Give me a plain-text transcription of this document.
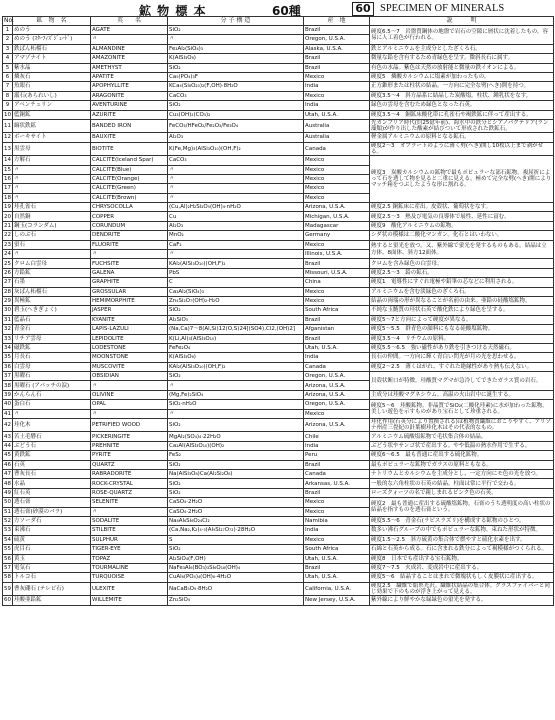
鉱 物 標 本	60種	60 SPECIMEN OF MINERALS
No.	鉱　物　名	英　　名	分 子 構 造	産　地	説　　　明
1	めのう	AGATE	SiO₂	Brazil	硬度6.5〜7　岩盤質鋼体の地盤で岩石の空隙に層状に沈着したもの。容易に人工着色が行われる。
2	めのう (ｽﾀｰﾌｨｽﾞｼﾞｪｰﾄﾞ)	〃	〃	Oregon, U.S.A.	
3	鉄ばん柘榴石	ALMANDINE	Fe₃Al₂(SiO₄)₃	Alaska, U.S.A.	鉄とアルミニウムを主成分としたざくろ石。
4	アマゾナイト	AMAZONITE	K(AlSi₃O₈)	Brazil	微量な鉛を含有するため青緑色を呈す。微斜長石に属す。
5	紫水晶	AMETHYST	SiO₂	Brazil	有色の水晶。紫色は天然の放射能と微量の鉄イオンによる。
6	燐灰石	APATITE	Ca₅(PO₄)₃F	Mexico	硬度5　燐酸カルシウムに塩素が加わったもの。
7	魚眼石	APOPHYLLITE	KCa₄(Si₈O₂₀)₂(F,OH)·8H₂O	India	正方錐形または柱状の結晶。一方向に完全な劈(へき)開を持つ。
8	霰石(あられいし)	ARAGONITE	CaCO₃	Mexico	硬度3.5〜4　斜方晶系に結晶した炭酸塩。柱状、鍾乳状をなす。
9	アベンチュリン	AVENTURINE	SiO₂	India	緑色の雲母を含むため緑色となった石英。
10	藍銅鉱	AZURITE	Cu₃(OH)₂(CO₃)₂	Utah, U.S.A.	硬度3.5〜4　銅鉱床酸化帯に孔雀石や褐鉄鉱に伴って産出する。
11	縞状鉄鉱	BANDED IRON	FeCO₃/HFeO₂/Fe₂O₃/Fe₃O₄	Australia	先カンブリア時代(約25億年前)、海水中の鉄分とシアノバクテリア(ラン藻類)が作り出した酸素が結びついて形成された鉄鉱石。
12	ボーキサイト	BAUXITE	Al₂O₃	Australia	軽金属アルミニウムの原料となる鉱石。
13	黒雲母	BIOTITE	K(Fe,Mg)₃(AlSi₃O₁₀)(OH,F)₂	Canada	硬度2〜3　オブラートのように薄く劈(へき)開し10枚以上まで剥がせる。
14	方解石	CALCITE(Iceland Spar)	CaCO₃	Mexico	硬度3　炭酸カルシウムの鉱物で最もポピュラーな部石鉱物。複屈折によって石を透して物を見ると二重に見える。極めて完全な劈(へき)開によりマッチ箱をつぶしたような形に割れる。
15	〃	CALCITE(Blue)	〃	Mexico	
16	〃	CALCITE(Orange)	〃	Mexico	
17	〃	CALCITE(Green)	〃	Mexico	
18	〃	CALCITE(Brown)	〃	Mexico	
19	珪孔雀石	CHRYSOCOLLA	(Cu,Al)₂H₂Si₂O₅(OH)₄·nH₂O	Arizona, U.S.A.	硬度2.5 銅鉱床に産出。皮殻状、葡萄状をなす。
20	自然銅	COPPER	Cu	Michigan, U.S.A.	硬度2.5〜3　熱及び電気の良導体で展性、延性に富む。
21	鋼玉(コランダム)	CORUNDUM	Al₂O₃	Madagascar	硬度9　酸化アルミニウムの鉱物。
22	しのぶ石	DENDRITE	MnO₂	Germany	シダ状の模様は二酸化マンガン。化石とはいわない。
23	蛍石	FLUORITE	CaF₂	Mexico	熱すると蛍光を放つ。又、紫外線で蛍光を発するものもある。結晶は立方体、8面体、斜方12面体。
24	〃	〃	〃	Illinois, U.S.A.	
25	クロム白雲母	FUCHSITE	KAl₂(AlSi₃O₁₀)(OH,F)₂	Brazil	クロムを含み緑色の白雲母。
26	方鉛鉱	GALENA	PbS	Missouri, U.S.A.	硬度2.5〜3　鉛の鉱石。
27	石墨	GRAPHITE	C	China	硬度1　電導性にすぐれ電極や鉛筆の芯などに利用される。
28	灰ばん柘榴石	GROSSULAR	Ca₃Al₂(SiO₄)₃	Mexico	アルミニウムを含む淡緑色のざくろ石。
29	異極鉱	HEMIMORPHITE	Zn₄Si₂O₇(OH)₂·H₂O	Mexico	結晶の両端の形が異なることが名前の由来。亜鉛の硅酸塩鉱物。
30	碧玉(へきぎょく)	JASPER	SiO₂	South Africa	不純な玉髄質の珪状石英で酸化鉄により緑色を呈する。
31	藍晶石	KYANITE	Al₂SiO₅	Brazil	硬度5〜7と方向によって硬度が異なる。
32	青金石	LAPIS-LAZULI	(Na,Ca)7〜8(Al,Si)12(O,S)24[(SO4),Cl2,(OH)2]	Afganistan	硬度5〜5.5　群青色の顔料にもなる硅酸塩鉱物。
33	リチア雲母	LEPIDOLITE	K(Li,Al)₃(AlSi₃O₁₀)	Brazil	硬度3.5〜4　リチウムの原料。
34	磁鉄鉱	LODESTONE	FeFe₂O₄	Utah, U.S.A.	硬度5.5〜6.5　強い磁性があり鉄を引きつける天然磁石。
35	月長石	MOONSTONE	K(AlSi₃O₈)	India	長石の仲間。一方向に輝く青白い閃光が月の光を思わせる。
36	白雲母	MUSCOVITE	KAl₂(AlSi₃O₁₀)(OH,F)₂	Canada	硬度2〜2.5　薄くはがれ、すぐれた絶縁性があり熱も伝えない。
37	黒曜石	OBSIDIAN	SiO₂	Oregon, U.S.A.	貝殻状断口が特徴。珪酸質マグマが急冷してできたガラス質の岩石。
38	黒曜石 (アパッチの涙)	〃	〃	Arizona, U.S.A.	
39	かんらん石	OLIVINE	(Mg,Fe)₂SiO₄	Arizona, U.S.A.	主成分は珪酸マグネシウム。高温の火山岩中に誕生する。
40	蛋白石	OPAL	SiO₂·nH₂O	Oregon, U.S.A.	硬度5〜6　珪酸鉱物。非晶質でSiO₂(二酸化珪素)に水が加わった鉱物。美しい遊色を示すものがあり宝石として珍重される。
41	〃	〃	〃	Mexico	
42	珪化木	PETRIFIED WOOD	SiO₂	Arizona, U.S.A.	珪化作用(石英分により置換される)は植物質繊維におこりやすく、アリゾナ州産三畳紀の針葉樹珪化木はその代表的なもの。
43	苦土毛礬石	PICKERINGITE	MgAl₂(SO₄)₄·22H₂O	Chile	アルミニウム硫酸塩鉱物で毛状集合体の結晶。
44	ぶどう石	PREHNITE	Ca₂Al(AlSi₃O₁₀)(OH)₂	India	ぶどう状やサンゴ状で産出する。やや低温の熱水作用で生ずる。
45	黄鉄鉱	PYRITE	FeS₂	Peru	硬度6〜6.5　最も普通に産出する硫化鉱物。
46	石英	QUARTZ	SiO₂	Brazil	最もポピュラーな鉱物でガラスの原料ともなる。
47	曹灰長石	RABRADORITE	Na(AlSi₃O₈)Ca(Al₂Si₂O₈)	Canada	ナトリウムとカルシウムを主成分とし、一定方向にモ色の光を放つ。
48	水晶	ROCK-CRYSTAL	SiO₂	Arkansas, U.S.A.	一般的な六角柱状の石英の結晶。柱面は常に平行で交わる。
49	紅石英	ROSE-QUARTZ	SiO₂	Brazil	ローズクォーツの名で親しまれるピンク色の石英。
50	透石膏	SELENITE	CaSO₄·2H₂O	Mexico	硬度2　最も普通に産出する硫酸塩鉱物。石膏のうち透明度の高い柱状の結晶を指すものを透石膏という。
51	透石膏(砂漠のバラ)	〃	CaSO₄·2H₂O	Mexico	
52	方ソーダ石	SODALITE	Na₈Al₆Si₆O₂₄Cl₂	Namibia	硬度5.5〜6　青金石(ラピスラズリ)を構成する鉱物のひとつ。
53	束沸石	STILBITE	(Ca,Na₂,K₂)₄·₅(Al₉Si₂₇O₇₂)·28H₂O	India	数多い沸石グループの中でもポピュラーな鉱物。束ねた形状が特徴。
54	硫黄	SULPHUR	S	Mexico	硬度1.5〜2.5　斜方硫黄の集合体で燃やすと硫化水素を出す。
55	虎目石	TIGER-EYE	SiO₂	South Africa	石綿と石英から成る。石に含まれる鉄分によって褐模様がつくられる。
56	黄玉	TOPAZ	Al₂SiO₄(F,OH)	Utah, U.S.A.	硬度8　日本でも産出する宝石鉱物。
57	電気石	TOURMALINE	NaFe₃Al₆(BO₃)₃Si₆O₁₈(OH)₄	Brazil	硬度7〜7.5　火成岩、変成岩中に産出する。
58	トルコ石	TURQUOISE	CuAl₆(PO₄)₄(OH)₈·4H₂O	Utah, U.S.A.	硬度5〜6　結晶することはまれで微塊状もしく皮膜状に産出する。
59	曹灰硼石 (テレビ石)	ULEXITE	NaCaB₅O₉·8H₂O	California, U.S.A.	硬度2.5　繊維で絹糸光沢。繊維状結晶の集合体。グラスファイバーと同じ効果で下のものが浮き上がって見える。
60	珪酸亜鉛鉱	WILLEMITE	Zn₂SiO₄	New Jersey, U.S.A.	紫外線により鮮やかな緑緑色の蛍光を発する。
